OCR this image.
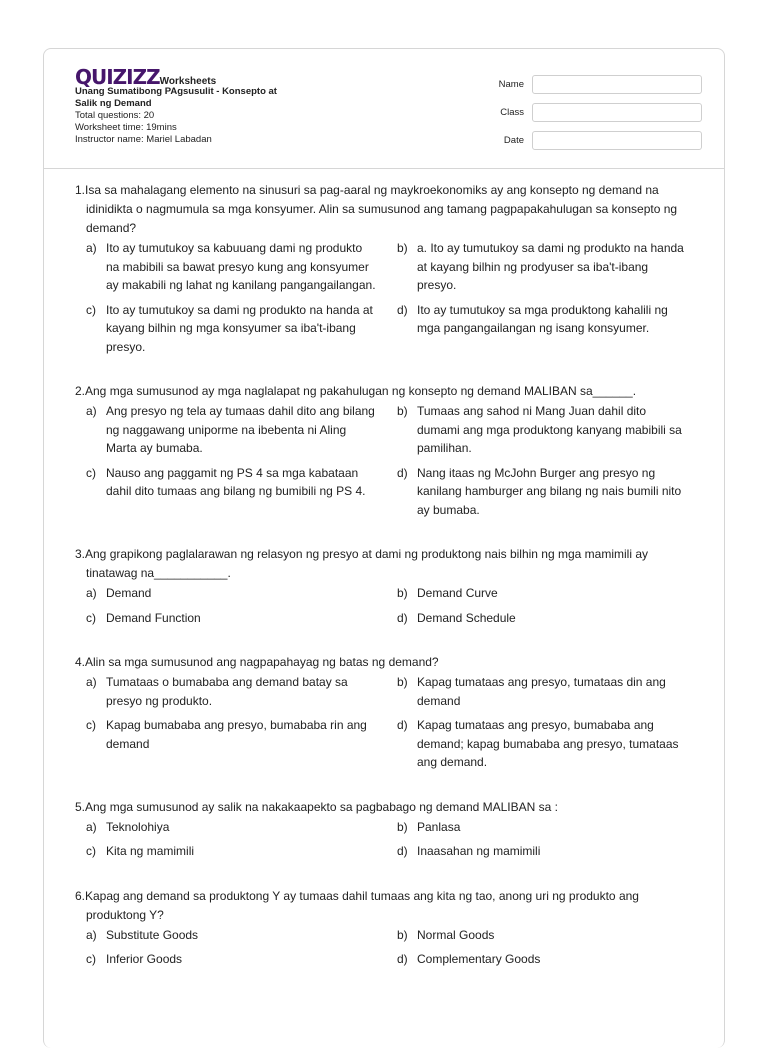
QUIZIZZ Worksheets
Unang Sumatibong PAgsusulit - Konsepto at Salik ng Demand
Total questions: 20
Worksheet time: 19mins
Instructor name: Mariel Labadan
Name
Class
Date
1.Isa sa mahalagang elemento na sinusuri sa pag-aaral ng maykroekonomiks ay ang konsepto ng demand na idinidikta o nagmumula sa mga konsyumer. Alin sa sumusunod ang tamang pagpapakahulugan sa konsepto ng demand?
a) Ito ay tumutukoy sa kabuuang dami ng produkto na mabibili sa bawat presyo kung ang konsyumer ay makabili ng lahat ng kanilang pangangailangan.
b) a. Ito ay tumutukoy sa dami ng produkto na handa at kayang bilhin ng prodyuser sa iba't-ibang presyo.
c) Ito ay tumutukoy sa dami ng produkto na handa at kayang bilhin ng mga konsyumer sa iba't-ibang presyo.
d) Ito ay tumutukoy sa mga produktong kahalili ng mga pangangailangan ng isang konsyumer.
2.Ang mga sumusunod ay mga naglalapat ng pakahulugan ng konsepto ng demand MALIBAN sa______.
a) Ang presyo ng tela ay tumaas dahil dito ang bilang ng naggawang uniporme na ibebenta ni Aling Marta ay bumaba.
b) Tumaas ang sahod ni Mang Juan dahil dito dumami ang mga produktong kanyang mabibili sa pamilihan.
c) Nauso ang paggamit ng PS 4 sa mga kabataan dahil dito tumaas ang bilang ng bumibili ng PS 4.
d) Nang itaas ng McJohn Burger ang presyo ng kanilang hamburger ang bilang ng nais bumili nito ay bumaba.
3.Ang grapikong paglalarawan ng relasyon ng presyo at dami ng produktong nais bilhin ng mga mamimili ay tinatawag na___________.
a) Demand	b) Demand Curve
c) Demand Function	d) Demand Schedule
4.Alin sa mga sumusunod ang nagpapahayag ng batas ng demand?
a) Tumataas o bumababa ang demand batay sa presyo ng produkto.
b) Kapag tumataas ang presyo, tumataas din ang demand
c) Kapag bumababa ang presyo, bumababa rin ang demand
d) Kapag tumataas ang presyo, bumababa ang demand; kapag bumababa ang presyo, tumataas ang demand.
5.Ang mga sumusunod ay salik na nakakaapekto sa pagbabago ng demand MALIBAN sa :
a) Teknolohiya	b) Panlasa
c) Kita ng mamimili	d) Inaasahan ng mamimili
6.Kapag ang demand sa produktong Y ay tumaas dahil tumaas ang kita ng tao, anong uri ng produkto ang produktong Y?
a) Substitute Goods	b) Normal Goods
c) Inferior Goods	d) Complementary Goods
